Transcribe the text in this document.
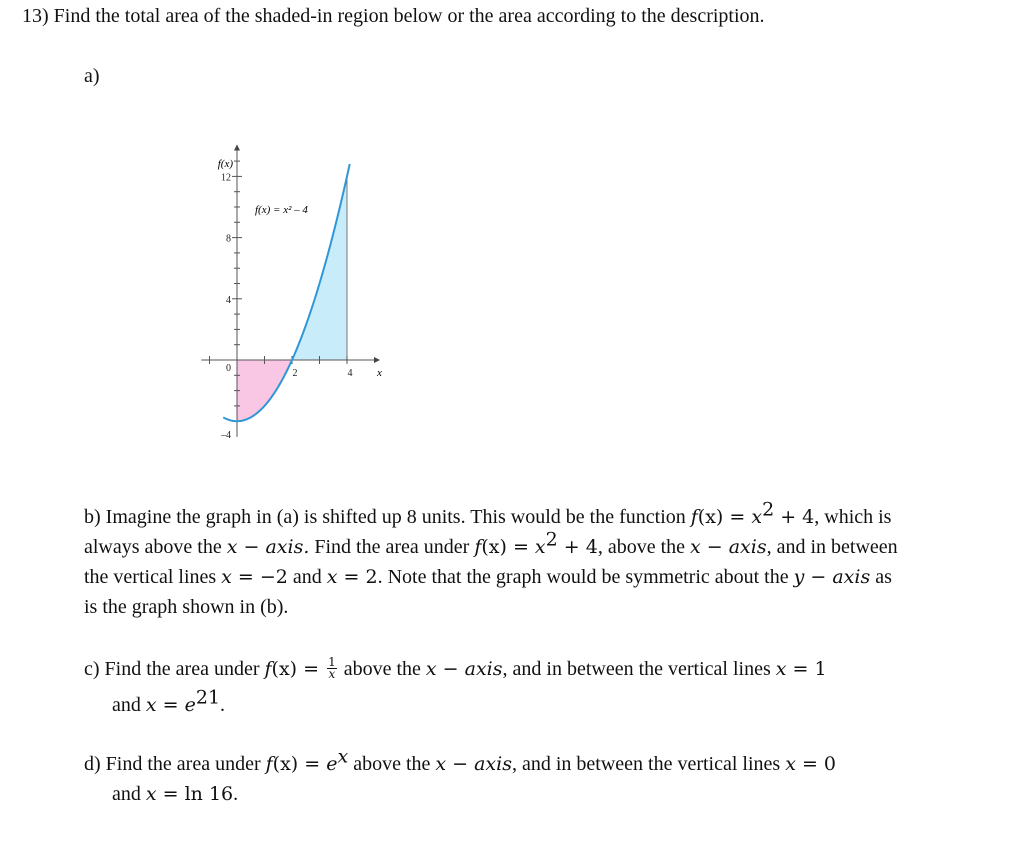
13) Find the total area of the shaded-in region below or the area according to the description.
a)
12
8
4
0
–4
2	4
f(x)
x
f(x) = x² – 4
b) Imagine the graph in (a) is shifted up 8 units. This would be the function $f(x) = x^2 + 4$, which is
always above the x − axis. Find the area under $f(x) = x^2 + 4$, above the x − axis, and in between
the vertical lines x = −2 and x = 2. Note that the graph would be symmetric about the y − axis as
is the graph shown in (b).
c) Find the area under $f(x) = \frac{1}{x}$ above the x − axis, and in between the vertical lines x = 1
and $x = e^{21}$.
d) Find the area under $f(x) = e^x$ above the x − axis, and in between the vertical lines x = 0
and x = ln 16.
